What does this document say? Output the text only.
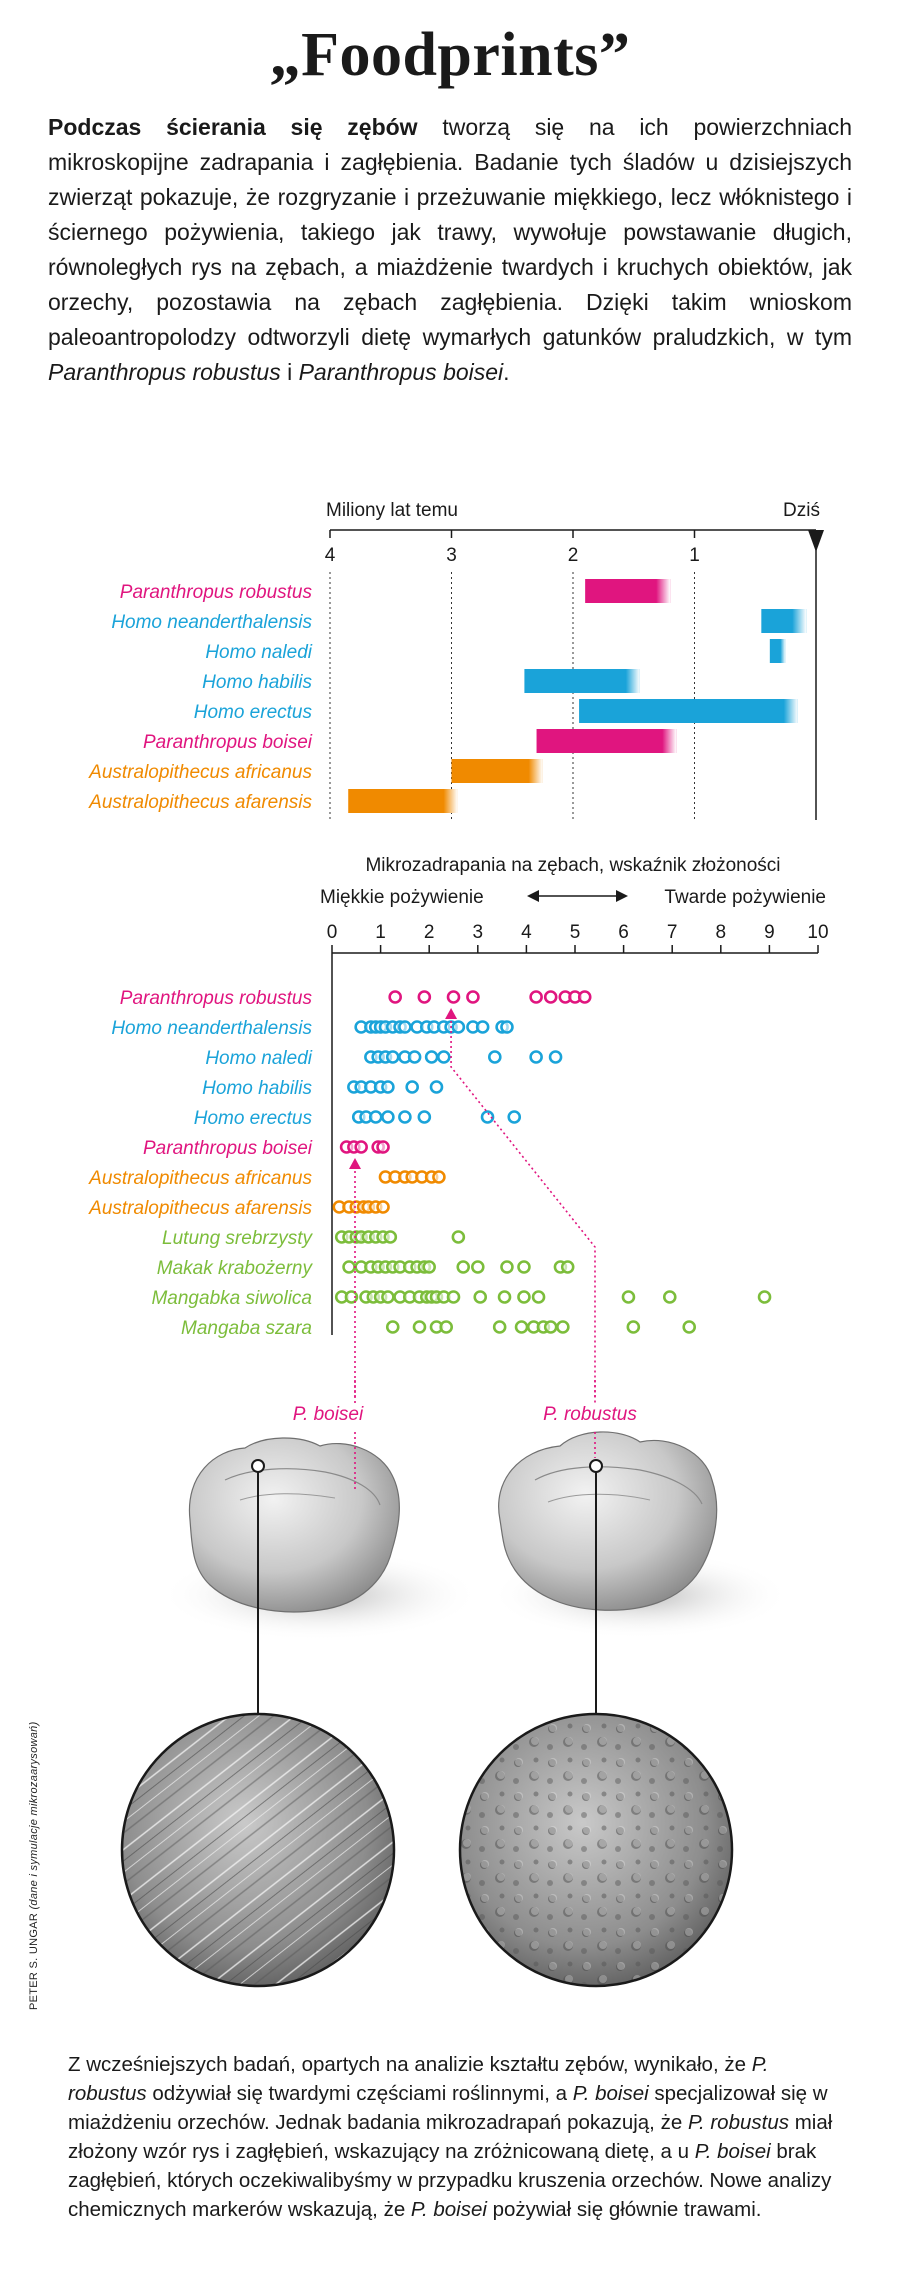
„Foodprints”
Podczas ścierania się zębów tworzą się na ich powierzchniach mikroskopijne zadrapania i zagłębienia. Badanie tych śladów u dzisiejszych zwierząt pokazuje, że rozgryzanie i przeżuwanie miękkiego, lecz włóknistego i ściernego pożywienia, takiego jak trawy, wywołuje powstawanie długich, równoległych rys na zębach, a miażdżenie twardych i kruchych obiektów, jak orzechy, pozostawia na zębach zagłębienia. Dzięki takim wnioskom paleoantropolodzy odtworzyli dietę wymarłych gatunków praludzkich, w tym Paranthropus robustus i Paranthropus boisei.
Miliony lat temu	Dziś
4	3	2	1
Paranthropus robustus
Homo neanderthalensis
Homo naledi
Homo habilis
Homo erectus
Paranthropus boisei
Australopithecus africanus
Australopithecus afarensis
Mikrozadrapania na zębach, wskaźnik złożoności
Miękkie pożywienie	Twarde pożywienie
0 1 2 3 4 5 6 7 8 9 10
Paranthropus robustus
Homo neanderthalensis
Homo naledi
Homo habilis
Homo erectus
Paranthropus boisei
Australopithecus africanus
Australopithecus afarensis
Lutung srebrzysty
Makak krabożerny
Mangabka siwolica
Mangaba szara
P. boisei	P. robustus
PETER S. UNGAR (dane i symulacje mikrozaarysowań)
Z wcześniejszych badań, opartych na analizie kształtu zębów, wynikało, że P. robustus odżywiał się twardymi częściami roślinnymi, a P. boisei specjalizował się w miażdżeniu orzechów. Jednak badania mikrozadrapań pokazują, że P. robustus miał złożony wzór rys i zagłębień, wskazujący na zróżnicowaną dietę, a u P. boisei brak zagłębień, których oczekiwalibyśmy w przypadku kruszenia orzechów. Nowe analizy chemicznych markerów wskazują, że P. boisei pożywiał się głównie trawami.
